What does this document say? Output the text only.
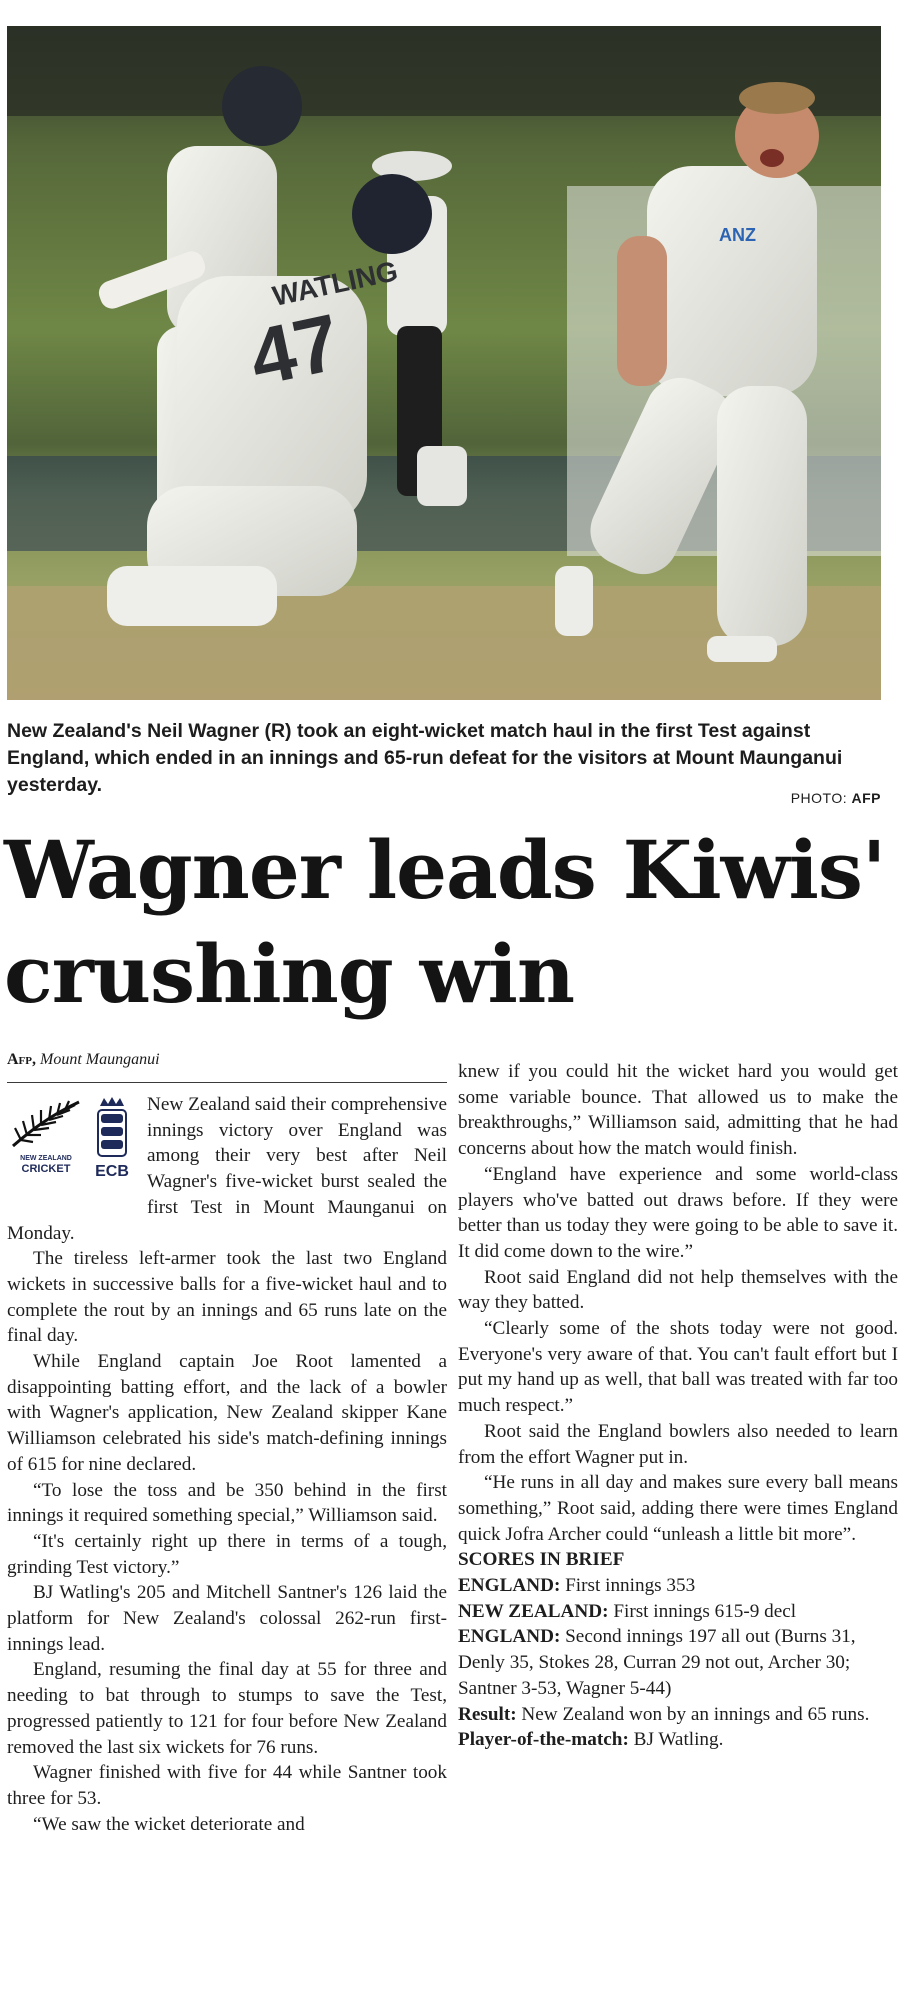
47
WATLING
ANZ
New Zealand's Neil Wagner (R) took an eight-wicket match haul in the first Test against England, which ended in an innings and 65-run defeat for the visitors at Mount Maunganui yesterday.
PHOTO: AFP
Wagner leads Kiwis'
crushing win
Afp, Mount Maunganui
NEW ZEALAND
CRICKET	ECB

New Zealand said their comprehensive innings victory over England was among their very best after Neil Wagner's five-wicket burst sealed the first Test in Mount Maunganui on Monday.

The tireless left-armer took the last two England wickets in successive balls for a five-wicket haul and to complete the rout by an innings and 65 runs late on the final day.

While England captain Joe Root lamented a disappointing batting effort, and the lack of a bowler with Wagner's application, New Zealand skipper Kane Williamson celebrated his side's match-defining innings of 615 for nine declared.

“To lose the toss and be 350 behind in the first innings it required something special,” Williamson said.

“It's certainly right up there in terms of a tough, grinding Test victory.”

BJ Watling's 205 and Mitchell Santner's 126 laid the platform for New Zealand's colossal 262-run first-innings lead.

England, resuming the final day at 55 for three and needing to bat through to stumps to save the Test, progressed patiently to 121 for four before New Zealand removed the last six wickets for 76 runs.

Wagner finished with five for 44 while Santner took three for 53.

“We saw the wicket deteriorate and

knew if you could hit the wicket hard you would get some variable bounce. That allowed us to make the breakthroughs,” Williamson said, admitting that he had concerns about how the match would finish.

“England have experience and some world-class players who've batted out draws before. If they were better than us today they were going to be able to save it. It did come down to the wire.”

Root said England did not help themselves with the way they batted.

“Clearly some of the shots today were not good. Everyone's very aware of that. You can't fault effort but I put my hand up as well, that ball was treated with far too much respect.”

Root said the England bowlers also needed to learn from the effort Wagner put in.

“He runs in all day and makes sure every ball means something,” Root said, adding there were times England quick Jofra Archer could “unleash a little bit more”.

SCORES IN BRIEF

ENGLAND: First innings 353

NEW ZEALAND: First innings 615-9 decl

ENGLAND: Second innings 197 all out (Burns 31, Denly 35, Stokes 28, Curran 29 not out, Archer 30; Santner 3-53, Wagner 5-44)

Result: New Zealand won by an innings and 65 runs.

Player-of-the-match: BJ Watling.
